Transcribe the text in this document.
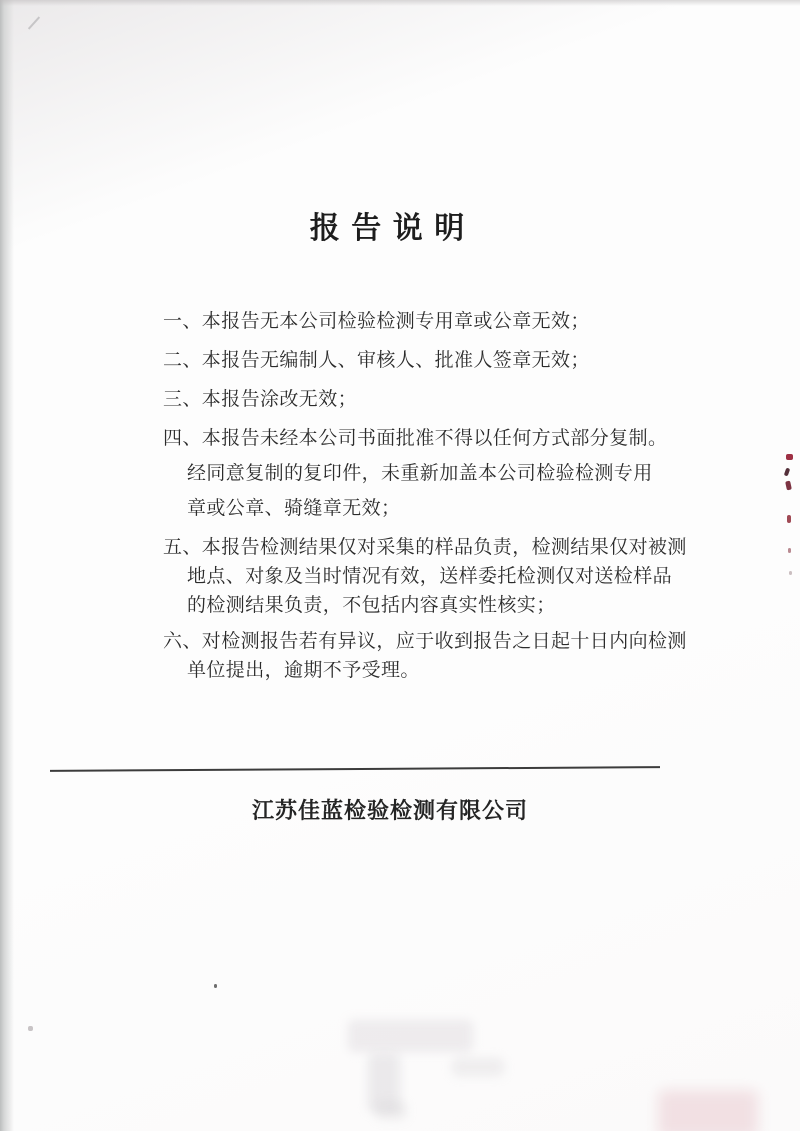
报 告 说 明
一、本报告无本公司检验检测专用章或公章无效；
二、本报告无编制人、审核人、批准人签章无效；
三、本报告涂改无效；
四、本报告未经本公司书面批准不得以任何方式部分复制。
经同意复制的复印件，未重新加盖本公司检验检测专用
章或公章、骑缝章无效；
五、本报告检测结果仅对采集的样品负责，检测结果仅对被测
地点、对象及当时情况有效，送样委托检测仅对送检样品
的检测结果负责，不包括内容真实性核实；
六、对检测报告若有异议，应于收到报告之日起十日内向检测
单位提出，逾期不予受理。
江苏佳蓝检验检测有限公司
